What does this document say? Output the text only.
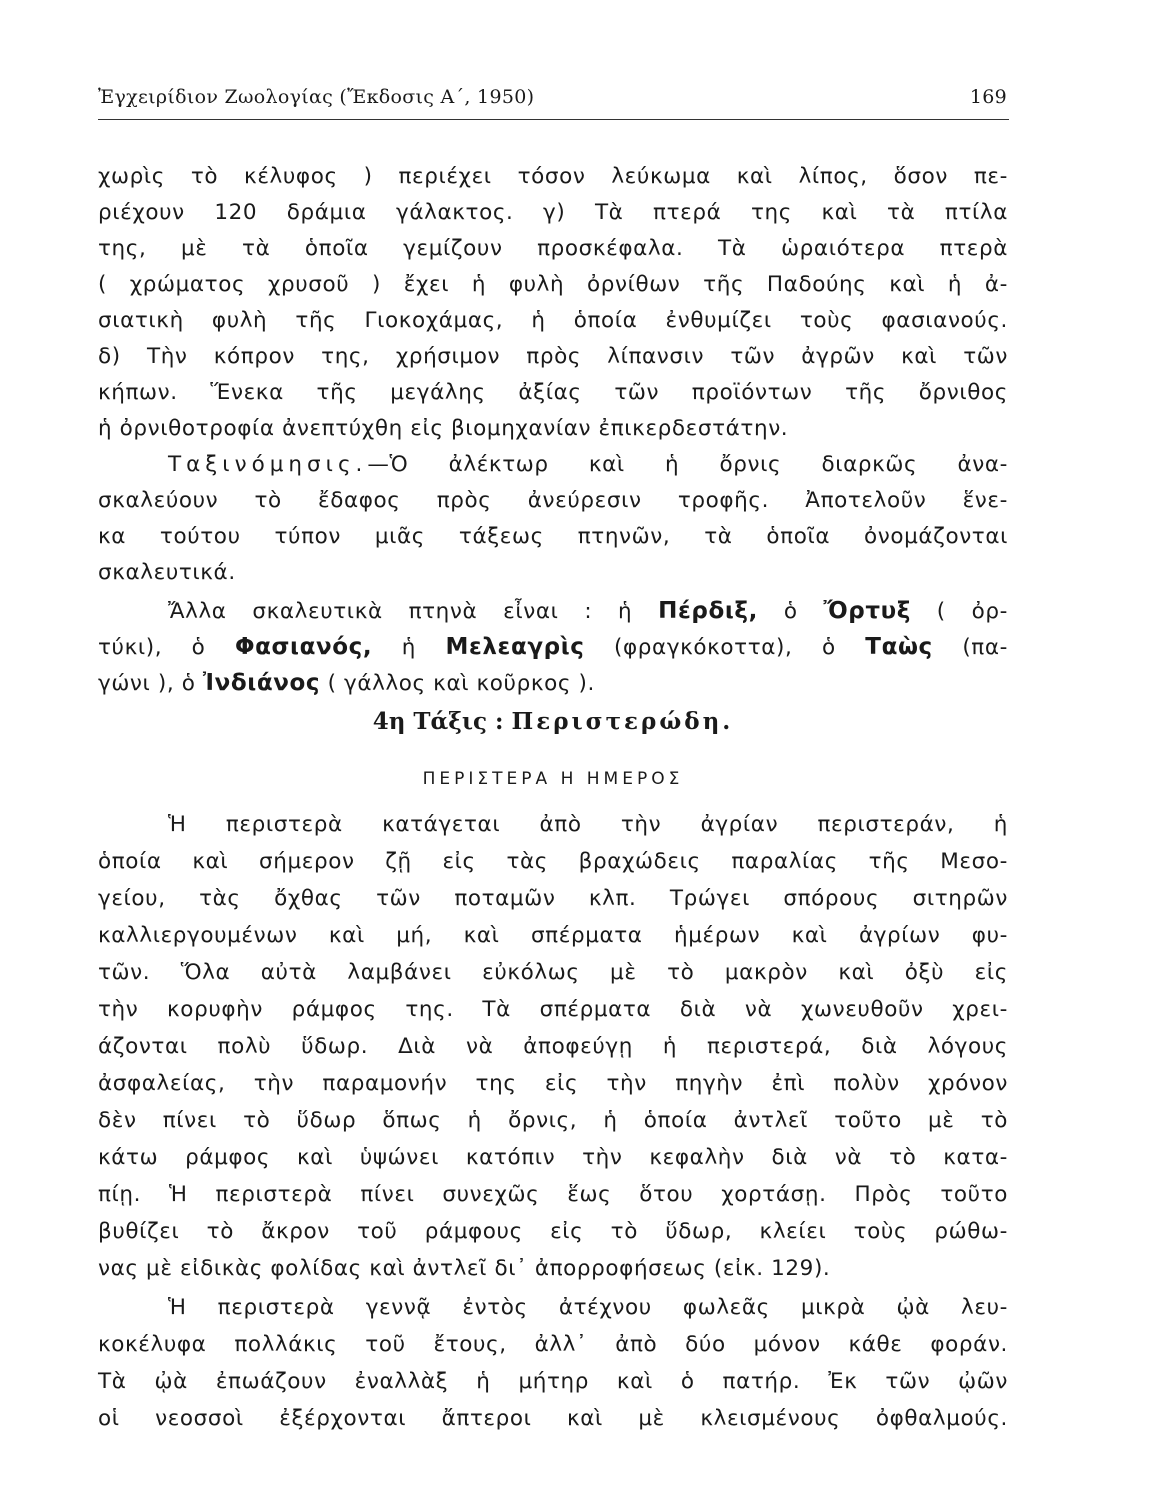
Ἐγχειρίδιον Ζωολογίας (Ἔκδοσις Α΄, 1950)	169
χωρὶς τὸ κέλυφος ) περιέχει τόσον λεύκωμα καὶ λίπος, ὅσον πε-
ριέχουν 120 δράμια γάλακτος. γ) Τὰ πτερά της καὶ τὰ πτίλα
της, μὲ τὰ ὁποῖα γεμίζουν προσκέφαλα. Τὰ ὡραιότερα πτερὰ
( χρώματος χρυσοῦ ) ἔχει ἡ φυλὴ ὀρνίθων τῆς Παδούης καὶ ἡ ἀ-
σιατικὴ φυλὴ τῆς Γιοκοχάμας, ἡ ὁποία ἐνθυμίζει τοὺς φασιανούς.
δ) Τὴν κόπρον της, χρήσιμον πρὸς λίπανσιν τῶν ἀγρῶν καὶ τῶν
κήπων. Ἕνεκα τῆς μεγάλης ἀξίας τῶν προϊόντων τῆς ὄρνιθος
ἡ ὀρνιθοτροφία ἀνεπτύχθη εἰς βιομηχανίαν ἐπικερδεστάτην.
Ταξινόμησις.—Ὁ ἀλέκτωρ καὶ ἡ ὄρνις διαρκῶς ἀνα-
σκαλεύουν τὸ ἔδαφος πρὸς ἀνεύρεσιν τροφῆς. Ἀποτελοῦν ἕνε-
κα τούτου τύπον μιᾶς τάξεως πτηνῶν, τὰ ὁποῖα ὀνομάζονται
σκαλευτικά.
Ἄλλα σκαλευτικὰ πτηνὰ εἶναι : ἡ Πέρδιξ, ὁ Ὄρτυξ ( ὀρ-
τύκι), ὁ Φασιανός, ἡ Μελεαγρὶς (φραγκόκοττα), ὁ Ταὼς (πα-
γώνι ), ὁ Ἰνδιάνος ( γάλλος καὶ κοῦρκος ).
4η Τάξις : Περιστερώδη.
ΠΕΡΙΣΤΕΡΑ Η ΗΜΕΡΟΣ
Ἡ περιστερὰ κατάγεται ἀπὸ τὴν ἀγρίαν περιστεράν, ἡ
ὁποία καὶ σήμερον ζῇ εἰς τὰς βραχώδεις παραλίας τῆς Μεσο-
γείου, τὰς ὄχθας τῶν ποταμῶν κλπ. Τρώγει σπόρους σιτηρῶν
καλλιεργουμένων καὶ μή, καὶ σπέρματα ἡμέρων καὶ ἀγρίων φυ-
τῶν. Ὅλα αὐτὰ λαμβάνει εὐκόλως μὲ τὸ μακρὸν καὶ ὀξὺ εἰς
τὴν κορυφὴν ράμφος της. Τὰ σπέρματα διὰ νὰ χωνευθοῦν χρει-
άζονται πολὺ ὕδωρ. Διὰ νὰ ἀποφεύγῃ ἡ περιστερά, διὰ λόγους
ἀσφαλείας, τὴν παραμονήν της εἰς τὴν πηγὴν ἐπὶ πολὺν χρόνον
δὲν πίνει τὸ ὕδωρ ὅπως ἡ ὄρνις, ἡ ὁποία ἀντλεῖ τοῦτο μὲ τὸ
κάτω ράμφος καὶ ὑψώνει κατόπιν τὴν κεφαλὴν διὰ νὰ τὸ κατα-
πίῃ. Ἡ περιστερὰ πίνει συνεχῶς ἕως ὅτου χορτάσῃ. Πρὸς τοῦτο
βυθίζει τὸ ἄκρον τοῦ ράμφους εἰς τὸ ὕδωρ, κλείει τοὺς ρώθω-
νας μὲ εἰδικὰς φολίδας καὶ ἀντλεῖ δι᾽ ἀπορροφήσεως (εἰκ. 129).
Ἡ περιστερὰ γεννᾷ ἐντὸς ἀτέχνου φωλεᾶς μικρὰ ᾠὰ λευ-
κοκέλυφα πολλάκις τοῦ ἔτους, ἀλλ᾽ ἀπὸ δύο μόνον κάθε φοράν.
Τὰ ᾠὰ ἐπωάζουν ἐναλλὰξ ἡ μήτηρ καὶ ὁ πατήρ. Ἐκ τῶν ᾠῶν
οἱ νεοσσοὶ ἐξέρχονται ἄπτεροι καὶ μὲ κλεισμένους ὀφθαλμούς.
